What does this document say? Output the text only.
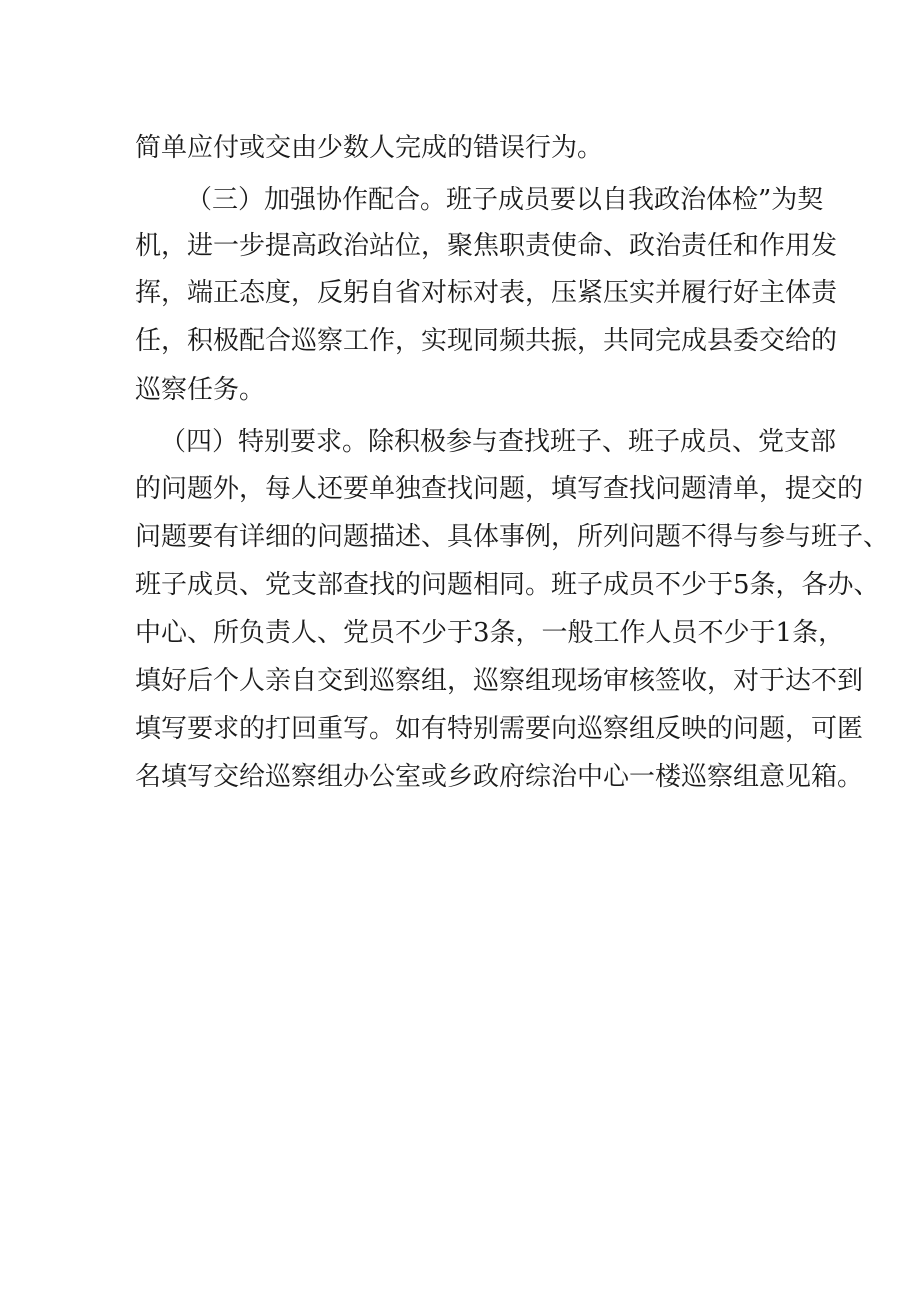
简单应付或交由少数人完成的错误行为。

（三）加强协作配合。班子成员要以自我政治体检”为契

机，进一步提高政治站位，聚焦职责使命、政治责任和作用发

挥，端正态度，反躬自省对标对表，压紧压实并履行好主体责

任，积极配合巡察工作，实现同频共振，共同完成县委交给的

巡察任务。

（四）特别要求。除积极参与查找班子、班子成员、党支部

的问题外，每人还要单独查找问题，填写查找问题清单，提交的

问题要有详细的问题描述、具体事例，所列问题不得与参与班子、

班子成员、党支部查找的问题相同。班子成员不少于5条，各办、

中心、所负责人、党员不少于3条，一般工作人员不少于1条，

填好后个人亲自交到巡察组，巡察组现场审核签收，对于达不到

填写要求的打回重写。如有特别需要向巡察组反映的问题，可匿

名填写交给巡察组办公室或乡政府综治中心一楼巡察组意见箱。
